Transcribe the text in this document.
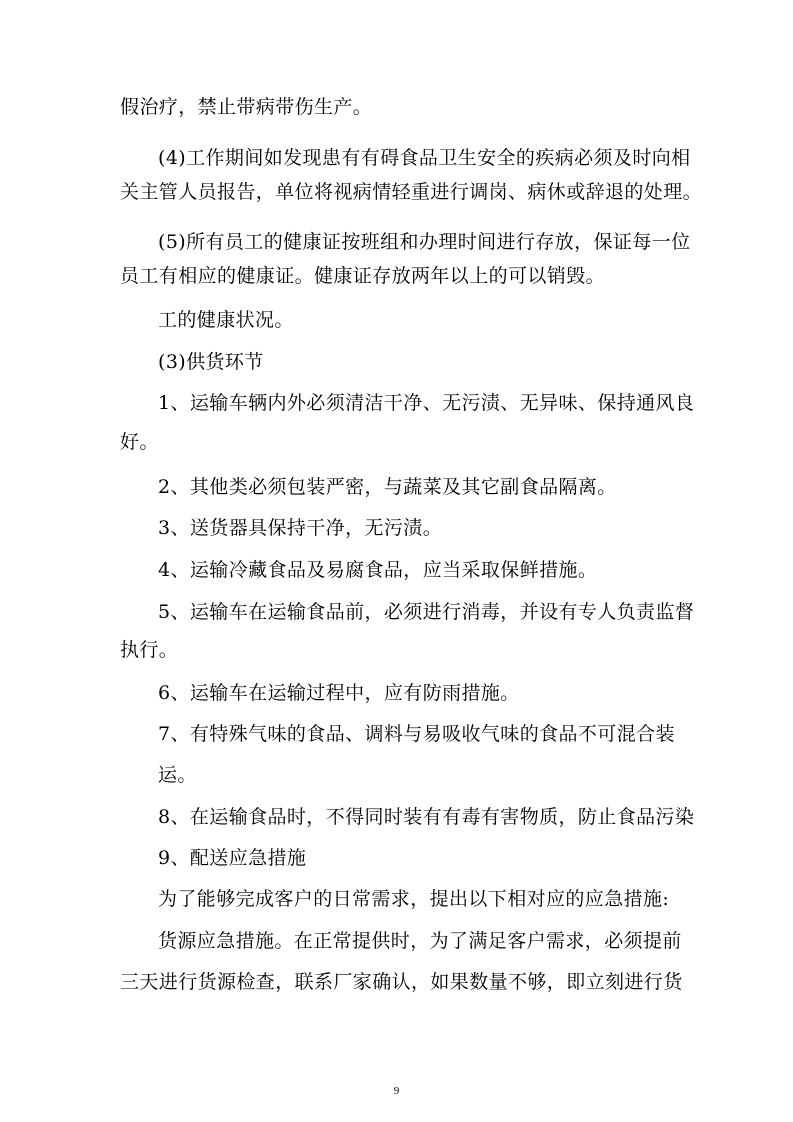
假治疗，禁止带病带伤生产。
(4)工作期间如发现患有有碍食品卫生安全的疾病必须及时向相
关主管人员报告，单位将视病情轻重进行调岗、病休或辞退的处理。
(5)所有员工的健康证按班组和办理时间进行存放，保证每一位
员工有相应的健康证。健康证存放两年以上的可以销毁。
工的健康状况。
(3)供货环节
1、运输车辆内外必须清洁干净、无污渍、无异味、保持通风良
好。
2、其他类必须包装严密，与蔬菜及其它副食品隔离。
3、送货器具保持干净，无污渍。
4、运输冷藏食品及易腐食品，应当采取保鲜措施。
5、运输车在运输食品前，必须进行消毒，并设有专人负责监督
执行。
6、运输车在运输过程中，应有防雨措施。
7、有特殊气味的食品、调料与易吸收气味的食品不可混合装
运。
8、在运输食品时，不得同时装有有毒有害物质，防止食品污染
9、配送应急措施
为了能够完成客户的日常需求，提出以下相对应的应急措施:
货源应急措施。在正常提供时，为了满足客户需求，必须提前
三天进行货源检查，联系厂家确认，如果数量不够，即立刻进行货
9
